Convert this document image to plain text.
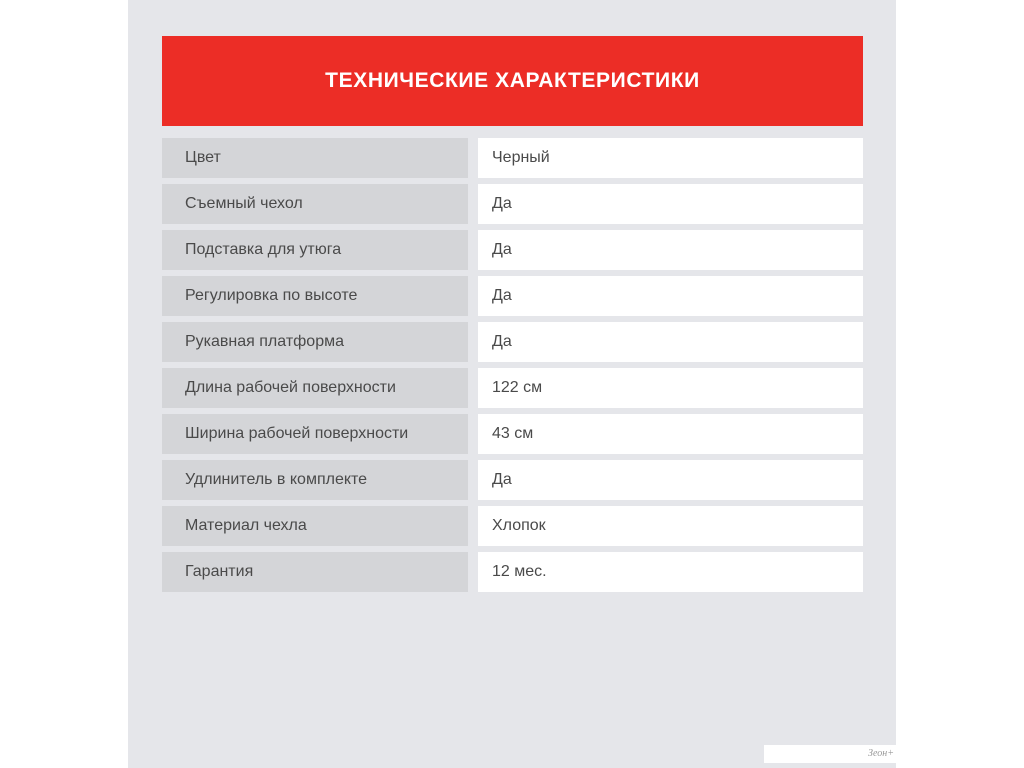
ТЕХНИЧЕСКИЕ ХАРАКТЕРИСТИКИ
Цвет	Черный
Съемный чехол	Да
Подставка для утюга	Да
Регулировка по высоте	Да
Рукавная платформа	Да
Длина рабочей поверхности	122 см
Ширина рабочей поверхности	43 см
Удлинитель в комплекте	Да
Материал чехла	Хлопок
Гарантия	12 мес.
Зеон+
